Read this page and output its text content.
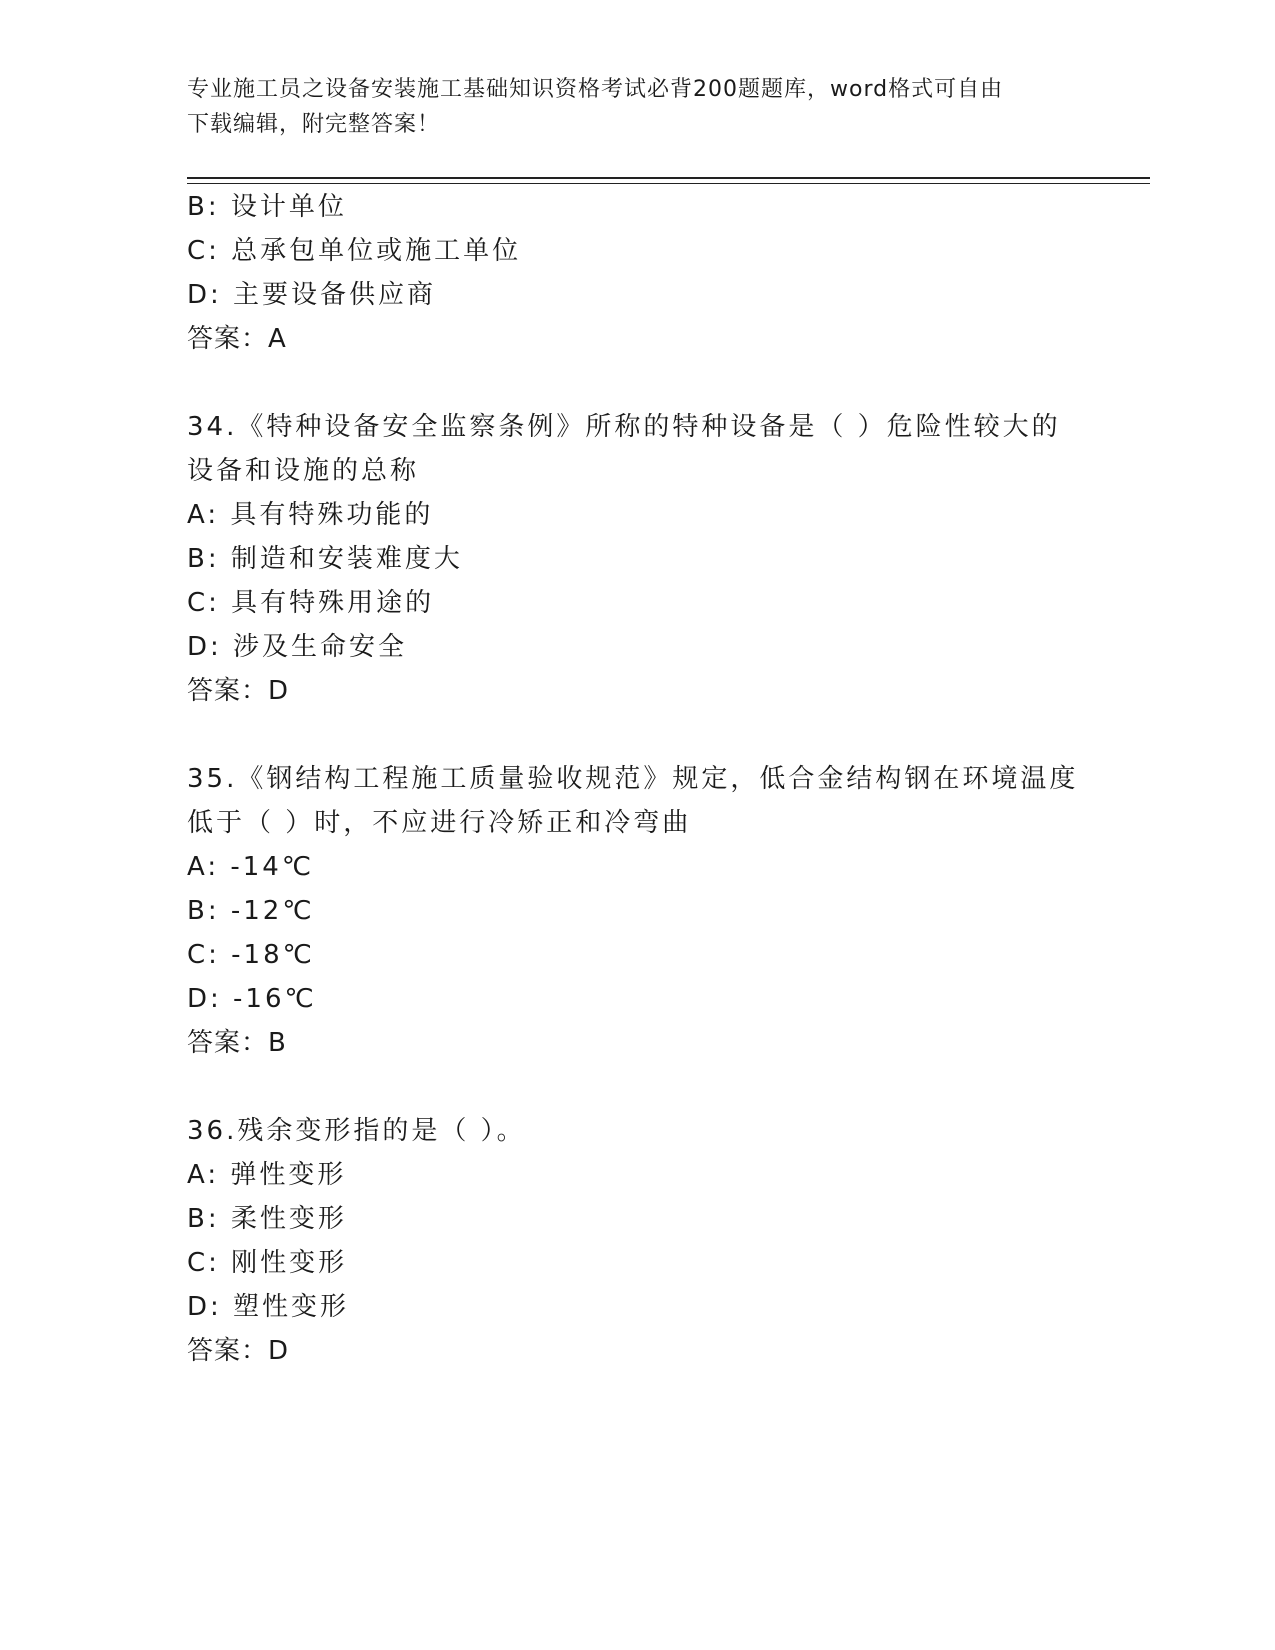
专业施工员之设备安装施工基础知识资格考试必背200题题库，word格式可自由
下载编辑，附完整答案！
B: 设计单位
C: 总承包单位或施工单位
D: 主要设备供应商
答案：A
34.《特种设备安全监察条例》所称的特种设备是（ ）危险性较大的
设备和设施的总称
A: 具有特殊功能的
B: 制造和安装难度大
C: 具有特殊用途的
D: 涉及生命安全
答案：D
35.《钢结构工程施工质量验收规范》规定，低合金结构钢在环境温度
低于（ ）时，不应进行冷矫正和冷弯曲
A: -14℃
B: -12℃
C: -18℃
D: -16℃
答案：B
36.残余变形指的是（ ）。
A: 弹性变形
B: 柔性变形
C: 刚性变形
D: 塑性变形
答案：D
